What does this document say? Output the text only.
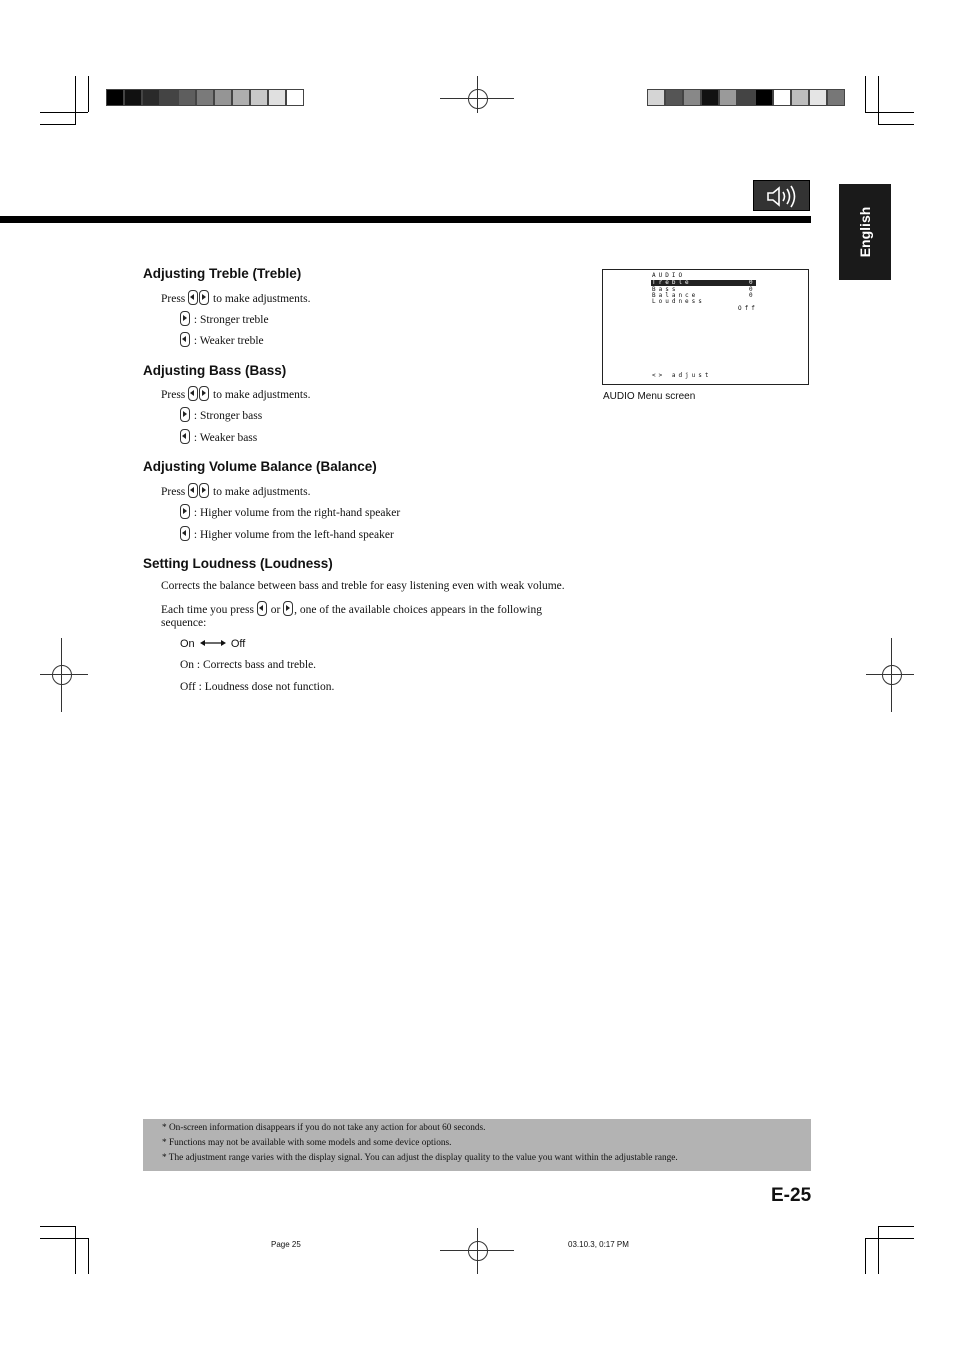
English
Adjusting Treble (Treble)
Press to make adjustments.
: Stronger treble
: Weaker treble
Adjusting Bass (Bass)
Press to make adjustments.
: Stronger bass
: Weaker bass
Adjusting Volume Balance (Balance)
Press to make adjustments.
: Higher volume from the right-hand speaker
: Higher volume from the left-hand speaker
Setting Loudness (Loudness)
Corrects the balance between bass and treble for easy listening even with weak volume.
Each time you press or , one of the available choices appears in the following
sequence:
On	Off
On : Corrects bass and treble.
Off : Loudness dose not function.
AUDIO
Treble	0
Bass	0
Balance	0
Loudness
Off
<> adjust
AUDIO Menu screen
* On-screen information disappears if you do not take any action for about 60 seconds.
* Functions may not be available with some models and some device options.
* The adjustment range varies with the display signal. You can adjust the display quality to the value you want within the adjustable range.
E-25
Page 25	03.10.3, 0:17 PM
